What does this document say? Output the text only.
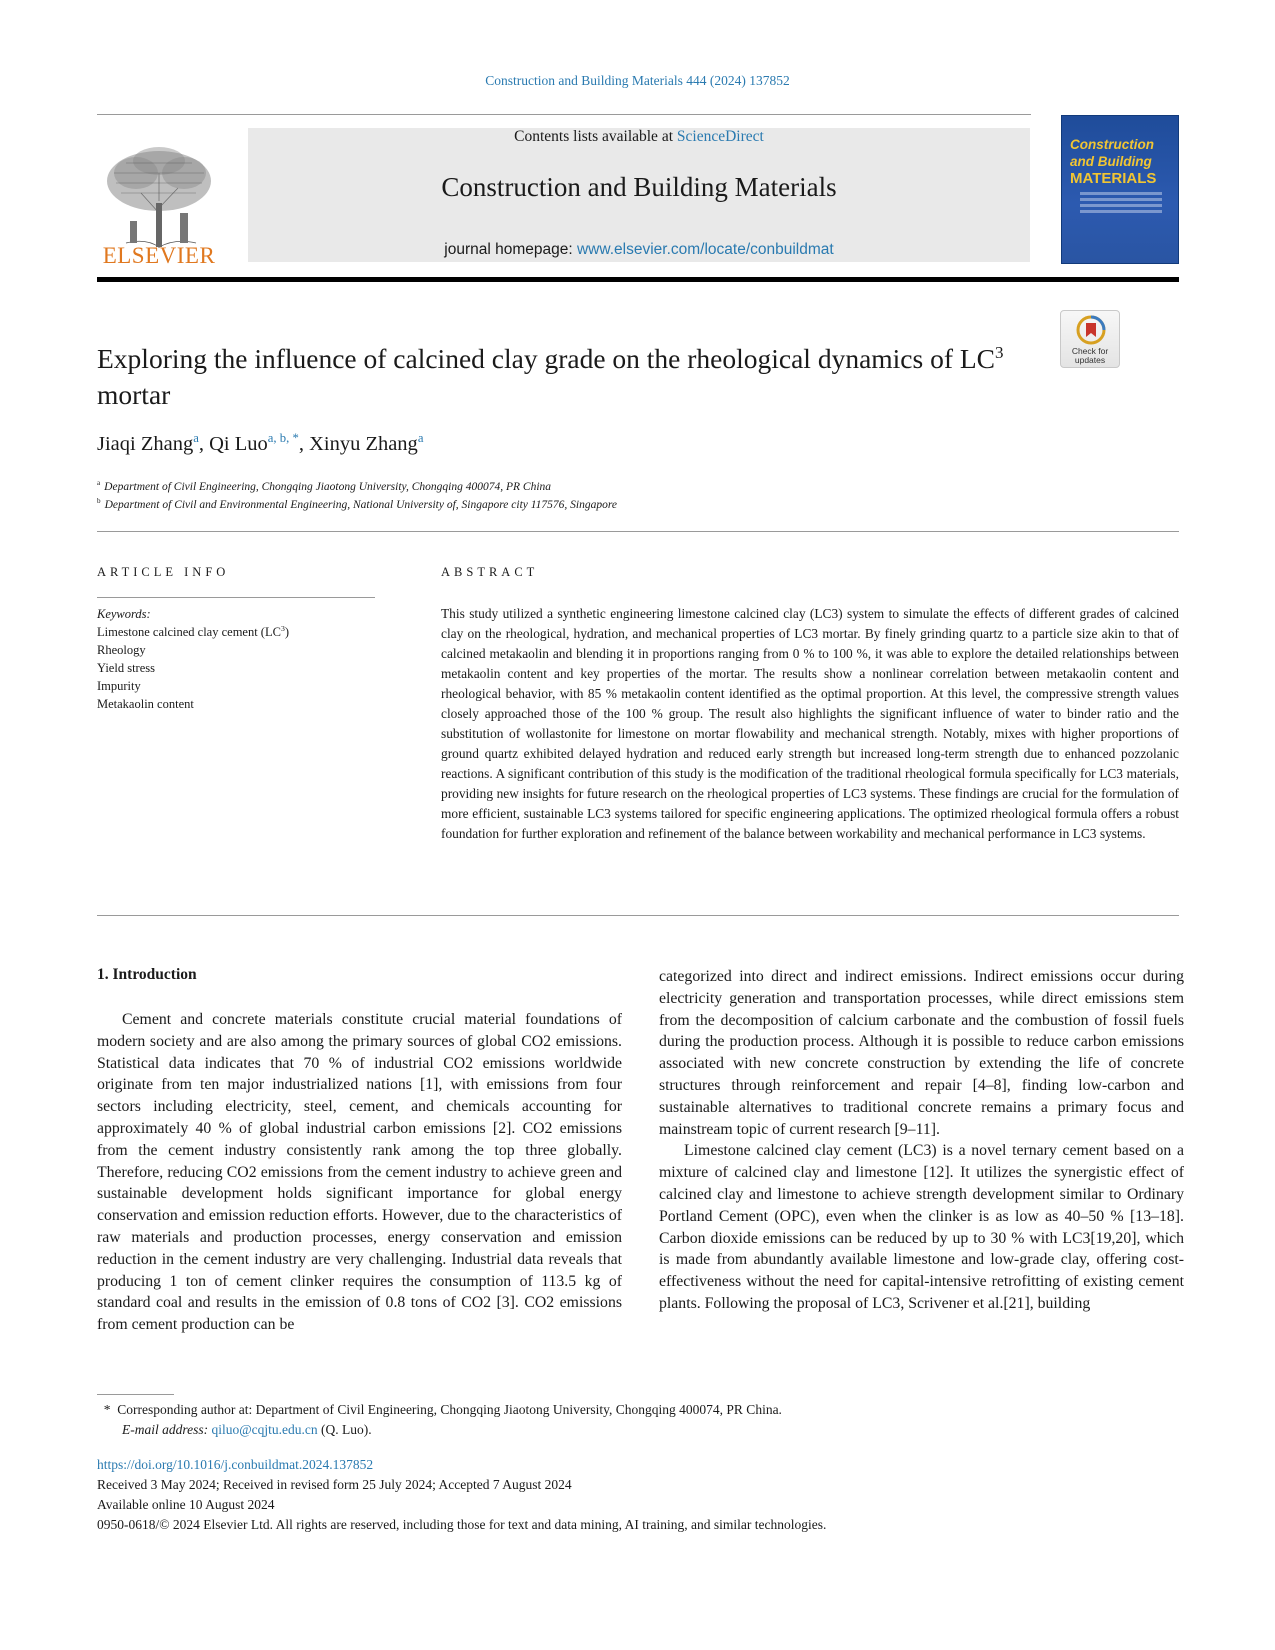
Construction and Building Materials 444 (2024) 137852
ELSEVIER
Contents lists available at ScienceDirect
Construction and Building Materials
journal homepage: www.elsevier.com/locate/conbuildmat
Construction
and Building
MATERIALS
Check for updates
Exploring the influence of calcined clay grade on the rheological dynamics of $LC^3$ mortar
Jiaqi Zhang$^a$, Qi Luo$^{a, b, *}$, Xinyu Zhang$^a$
$^a$ Department of Civil Engineering, Chongqing Jiaotong University, Chongqing 400074, PR China
$^b$ Department of Civil and Environmental Engineering, National University of, Singapore city 117576, Singapore
ARTICLE INFO	ABSTRACT
Keywords:
Limestone calcined clay cement $(LC^3)$
Rheology
Yield stress
Impurity
Metakaolin content
This study utilized a synthetic engineering limestone calcined clay (LC3) system to simulate the effects of different grades of calcined clay on the rheological, hydration, and mechanical properties of LC3 mortar. By finely grinding quartz to a particle size akin to that of calcined metakaolin and blending it in proportions ranging from 0 % to 100 %, it was able to explore the detailed relationships between metakaolin content and key properties of the mortar. The results show a nonlinear correlation between metakaolin content and rheological behavior, with 85 % metakaolin content identified as the optimal proportion. At this level, the compressive strength values closely approached those of the 100 % group. The result also highlights the significant influence of water to binder ratio and the substitution of wollastonite for limestone on mortar flowability and mechanical strength. Notably, mixes with higher proportions of ground quartz exhibited delayed hydration and reduced early strength but increased long-term strength due to enhanced pozzolanic reactions. A significant contribution of this study is the modification of the traditional rheological formula specifically for LC3 materials, providing new insights for future research on the rheological properties of LC3 systems. These findings are crucial for the formulation of more efficient, sustainable LC3 systems tailored for specific engineering applications. The optimized rheological formula offers a robust foundation for further exploration and refinement of the balance between workability and mechanical performance in LC3 systems.
1. Introduction

Cement and concrete materials constitute crucial material foundations of modern society and are also among the primary sources of global CO2 emissions. Statistical data indicates that 70 % of industrial CO2 emissions worldwide originate from ten major industrialized nations [1], with emissions from four sectors including electricity, steel, cement, and chemicals accounting for approximately 40 % of global industrial carbon emissions [2]. CO2 emissions from the cement industry consistently rank among the top three globally. Therefore, reducing CO2 emissions from the cement industry to achieve green and sustainable development holds significant importance for global energy conservation and emission reduction efforts. However, due to the characteristics of raw materials and production processes, energy conservation and emission reduction in the cement industry are very challenging. Industrial data reveals that producing 1 ton of cement clinker requires the consumption of 113.5 kg of standard coal and results in the emission of 0.8 tons of CO2 [3]. CO2 emissions from cement production can be

categorized into direct and indirect emissions. Indirect emissions occur during electricity generation and transportation processes, while direct emissions stem from the decomposition of calcium carbonate and the combustion of fossil fuels during the production process. Although it is possible to reduce carbon emissions associated with new concrete construction by extending the life of concrete structures through reinforcement and repair [4–8], finding low-carbon and sustainable alternatives to traditional concrete remains a primary focus and mainstream topic of current research [9–11].

Limestone calcined clay cement (LC3) is a novel ternary cement based on a mixture of calcined clay and limestone [12]. It utilizes the synergistic effect of calcined clay and limestone to achieve strength development similar to Ordinary Portland Cement (OPC), even when the clinker is as low as 40–50 % [13–18]. Carbon dioxide emissions can be reduced by up to 30 % with LC3[19,20], which is made from abundantly available limestone and low-grade clay, offering cost-effectiveness without the need for capital-intensive retrofitting of existing cement plants. Following the proposal of LC3, Scrivener et al.[21], building

*  Corresponding author at: Department of Civil Engineering, Chongqing Jiaotong University, Chongqing 400074, PR China.
E-mail address: qiluo@cqjtu.edu.cn (Q. Luo).
https://doi.org/10.1016/j.conbuildmat.2024.137852
Received 3 May 2024; Received in revised form 25 July 2024; Accepted 7 August 2024
Available online 10 August 2024
0950-0618/© 2024 Elsevier Ltd. All rights are reserved, including those for text and data mining, AI training, and similar technologies.
